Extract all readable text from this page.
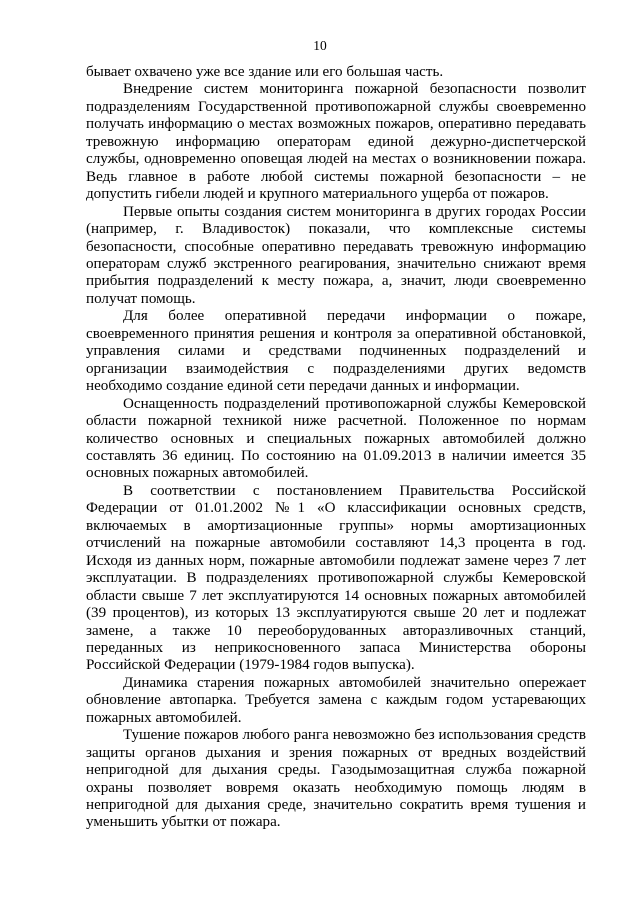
10

бывает охвачено уже все здание или его большая часть.

Внедрение систем мониторинга пожарной безопасности позволит подразделениям Государственной противопожарной службы своевременно получать информацию о местах возможных пожаров, оперативно передавать тревожную информацию операторам единой дежурно-диспетчерской службы, одновременно оповещая людей на местах о возникновении пожара. Ведь главное в работе любой системы пожарной безопасности – не допустить гибели людей и крупного материального ущерба от пожаров.

Первые опыты создания систем мониторинга в других городах России (например, г. Владивосток) показали, что комплексные системы безопасности, способные оперативно передавать тревожную информацию операторам служб экстренного реагирования, значительно снижают время прибытия подразделений к месту пожара, а, значит, люди своевременно получат помощь.

Для более оперативной передачи информации о пожаре, своевременного принятия решения и контроля за оперативной обстановкой, управления силами и средствами подчиненных подразделений и организации взаимодействия с подразделениями других ведомств необходимо создание единой сети передачи данных и информации.

Оснащенность подразделений противопожарной службы Кемеровской области пожарной техникой ниже расчетной. Положенное по нормам количество основных и специальных пожарных автомобилей должно составлять 36 единиц. По состоянию на 01.09.2013 в наличии имеется 35 основных пожарных автомобилей.

В соответствии с постановлением Правительства Российской Федерации от 01.01.2002 №1 «О классификации основных средств, включаемых в амортизационные группы» нормы амортизационных отчислений на пожарные автомобили составляют 14,3 процента в год. Исходя из данных норм, пожарные автомобили подлежат замене через 7 лет эксплуатации. В подразделениях противопожарной службы Кемеровской области свыше 7 лет эксплуатируются 14 основных пожарных автомобилей (39 процентов), из которых 13 эксплуатируются свыше 20 лет и подлежат замене, а также 10 переоборудованных авторазливочных станций, переданных из неприкосновенного запаса Министерства обороны Российской Федерации (1979-1984 годов выпуска).

Динамика старения пожарных автомобилей значительно опережает обновление автопарка. Требуется замена с каждым годом устаревающих пожарных автомобилей.

Тушение пожаров любого ранга невозможно без использования средств защиты органов дыхания и зрения пожарных от вредных воздействий непригодной для дыхания среды. Газодымозащитная служба пожарной охраны позволяет вовремя оказать необходимую помощь людям в непригодной для дыхания среде, значительно сократить время тушения и уменьшить убытки от пожара.
